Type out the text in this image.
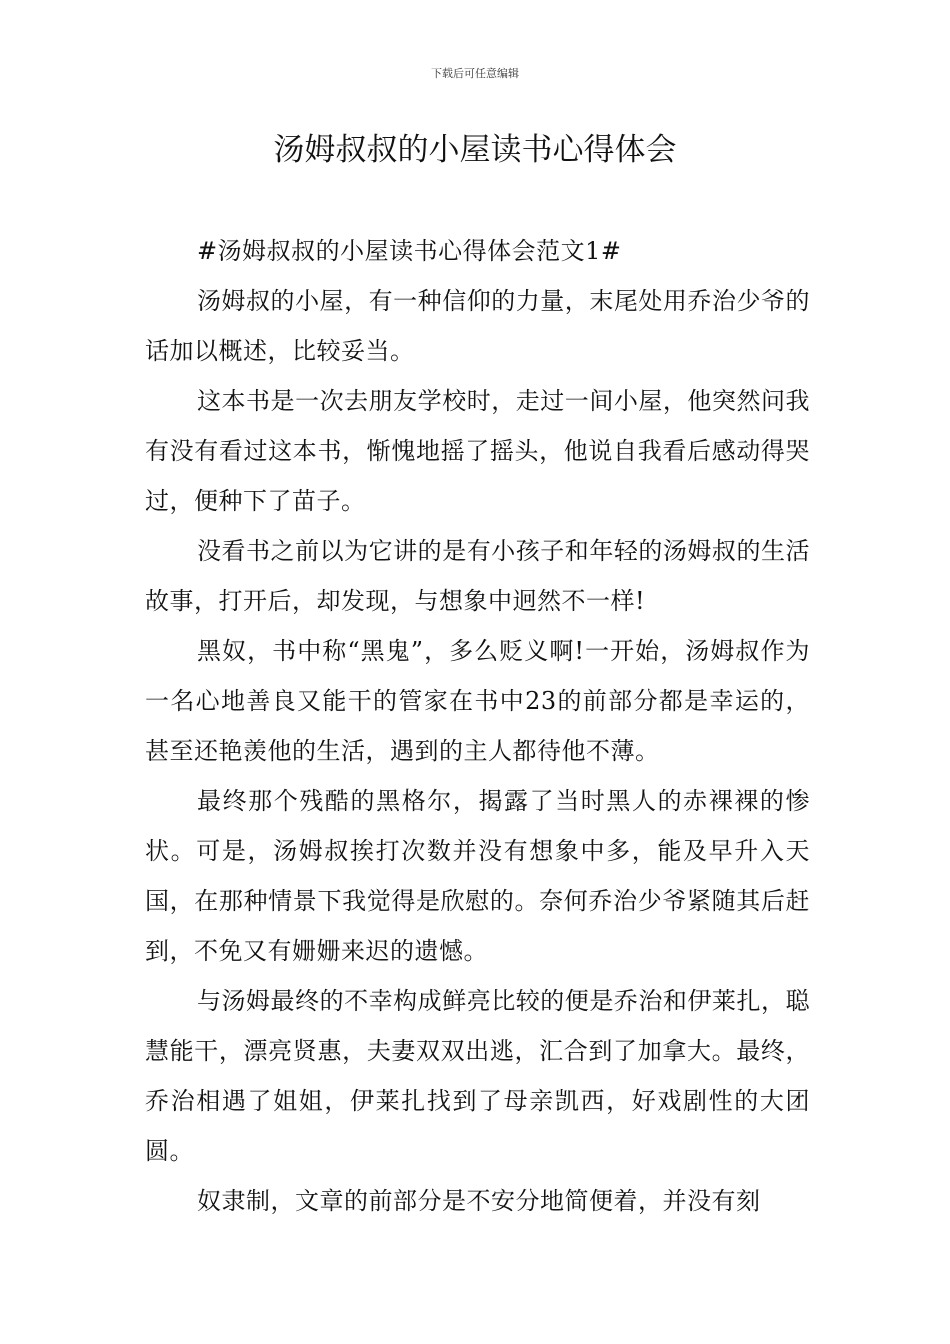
下载后可任意编辑
汤姆叔叔的小屋读书心得体会

#汤姆叔叔的小屋读书心得体会范文1#

汤姆叔的小屋，有一种信仰的力量，末尾处用乔治少爷的话加以概述，比较妥当。

这本书是一次去朋友学校时，走过一间小屋，他突然问我有没有看过这本书，惭愧地摇了摇头，他说自我看后感动得哭过，便种下了苗子。

没看书之前以为它讲的是有小孩子和年轻的汤姆叔的生活故事，打开后，却发现，与想象中迥然不一样!

黑奴，书中称“黑鬼”，多么贬义啊!一开始，汤姆叔作为一名心地善良又能干的管家在书中23的前部分都是幸运的，甚至还艳羡他的生活，遇到的主人都待他不薄。

最终那个残酷的黑格尔，揭露了当时黑人的赤裸裸的惨状。可是，汤姆叔挨打次数并没有想象中多，能及早升入天国，在那种情景下我觉得是欣慰的。奈何乔治少爷紧随其后赶到，不免又有姗姗来迟的遗憾。

与汤姆最终的不幸构成鲜亮比较的便是乔治和伊莱扎，聪慧能干，漂亮贤惠，夫妻双双出逃，汇合到了加拿大。最终，乔治相遇了姐姐，伊莱扎找到了母亲凯西，好戏剧性的大团圆。

奴隶制，文章的前部分是不安分地简便着，并没有刻
